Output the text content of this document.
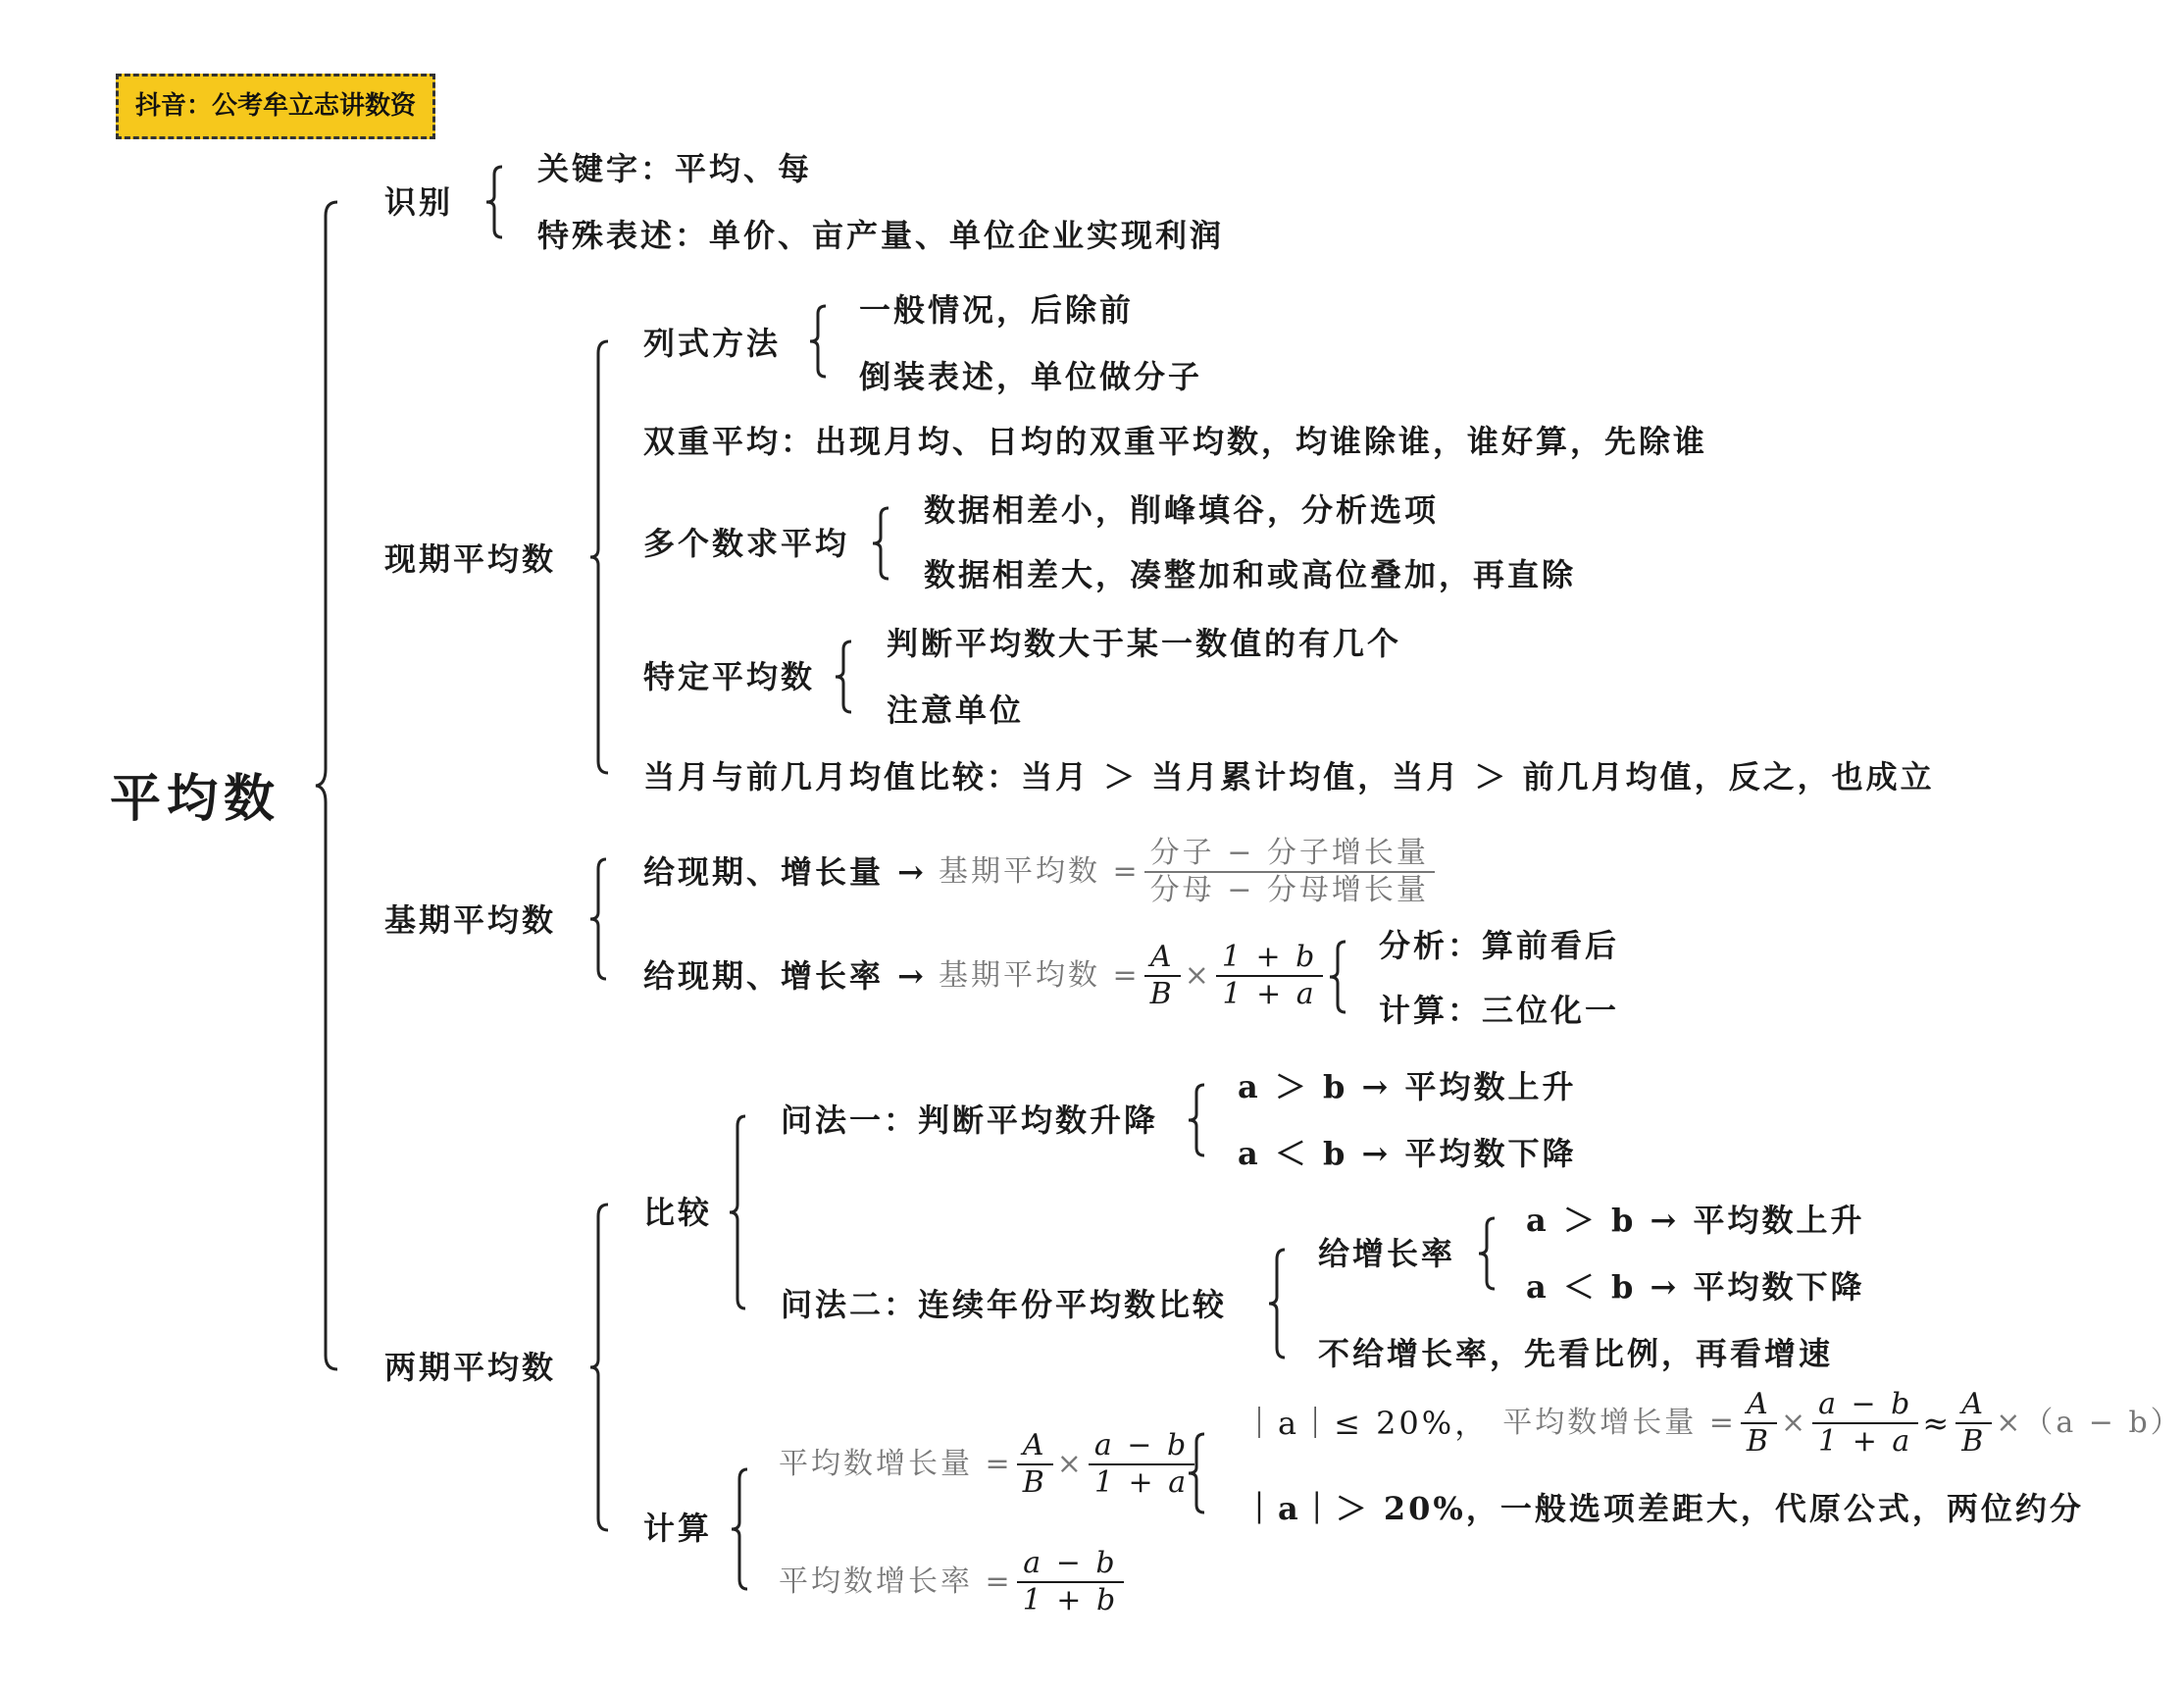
抖音：公考牟立志讲数资
平均数
识别
关键字：平均、每
特殊表述：单价、亩产量、单位企业实现利润
现期平均数
列式方法
一般情况，后除前
倒装表述，单位做分子
双重平均：出现月均、日均的双重平均数，均谁除谁，谁好算，先除谁
多个数求平均
数据相差小，削峰填谷，分析选项
数据相差大，凑整加和或高位叠加，再直除
特定平均数
判断平均数大于某一数值的有几个
注意单位
当月与前几月均值比较：当月 ＞ 当月累计均值，当月 ＞ 前几月均值，反之，也成立
基期平均数
给现期、增长量 → 基期平均数 = $\frac{\text{分子 − 分子增长量}}{\text{分母 − 分母增长量}}$
给现期、增长率 → 基期平均数 = $\frac{A}{B} \times \frac{1 + b}{1 + a}$ 分析：算前看后
计算：三位化一
两期平均数
比较
问法一：判断平均数升降
a ＞ b → 平均数上升
a ＜ b → 平均数下降
问法二：连续年份平均数比较
给增长率
a ＞ b → 平均数上升
a ＜ b → 平均数下降
不给增长率，先看比例，再看增速
计算
平均数增长量 = $\frac{A}{B} \times \frac{a - b}{1 + a}$
｜a｜≤ 20%， 平均数增长量 = $\frac{A}{B} \times \frac{a - b}{1 + a} \approx \frac{A}{B} \times(a - b)$
｜a｜＞ 20%，一般选项差距大，代原公式，两位约分
平均数增长率 = $\frac{a - b}{1 + b}$
